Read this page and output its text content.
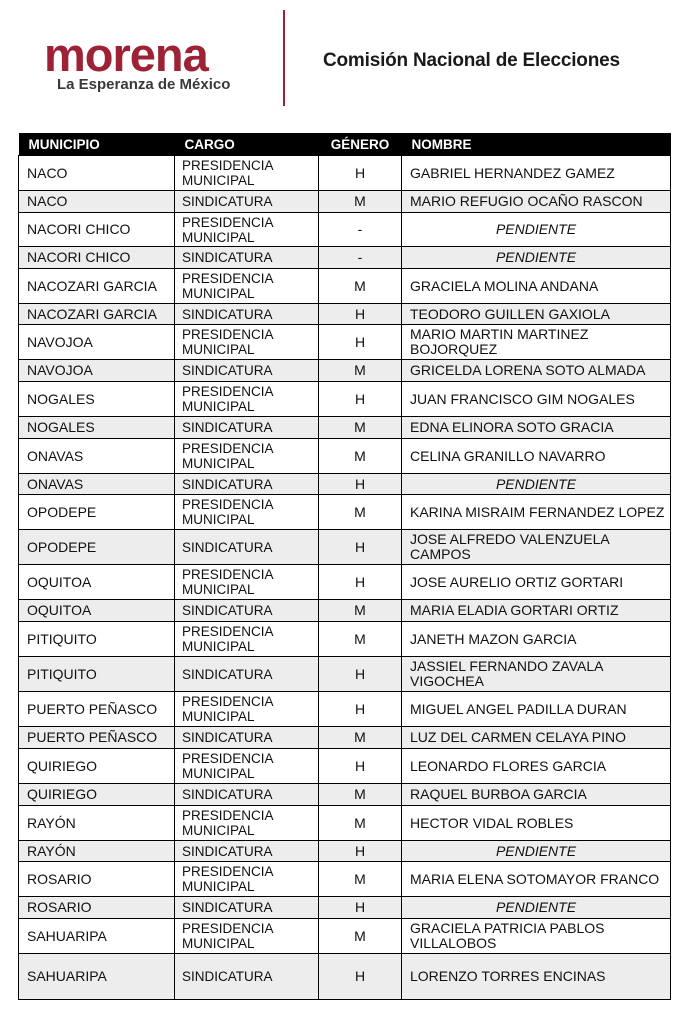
morena
La Esperanza de México
Comisión Nacional de Elecciones
MUNICIPIO	CARGO	GÉNERO	NOMBRE
NACO	PRESIDENCIA MUNICIPAL	H	GABRIEL HERNANDEZ GAMEZ
NACO	SINDICATURA	M	MARIO REFUGIO OCAÑO RASCON
NACORI CHICO	PRESIDENCIA MUNICIPAL	-	PENDIENTE
NACORI CHICO	SINDICATURA	-	PENDIENTE
NACOZARI GARCIA	PRESIDENCIA MUNICIPAL	M	GRACIELA MOLINA ANDANA
NACOZARI GARCIA	SINDICATURA	H	TEODORO GUILLEN GAXIOLA
NAVOJOA	PRESIDENCIA MUNICIPAL	H	MARIO MARTIN MARTINEZ BOJORQUEZ
NAVOJOA	SINDICATURA	M	GRICELDA LORENA SOTO ALMADA
NOGALES	PRESIDENCIA MUNICIPAL	H	JUAN FRANCISCO GIM NOGALES
NOGALES	SINDICATURA	M	EDNA ELINORA SOTO GRACIA
ONAVAS	PRESIDENCIA MUNICIPAL	M	CELINA GRANILLO NAVARRO
ONAVAS	SINDICATURA	H	PENDIENTE
OPODEPE	PRESIDENCIA MUNICIPAL	M	KARINA MISRAIM FERNANDEZ LOPEZ
OPODEPE	SINDICATURA	H	JOSE ALFREDO VALENZUELA CAMPOS
OQUITOA	PRESIDENCIA MUNICIPAL	H	JOSE AURELIO ORTIZ GORTARI
OQUITOA	SINDICATURA	M	MARIA ELADIA GORTARI ORTIZ
PITIQUITO	PRESIDENCIA MUNICIPAL	M	JANETH MAZON GARCIA
PITIQUITO	SINDICATURA	H	JASSIEL FERNANDO ZAVALA VIGOCHEA
PUERTO PEÑASCO	PRESIDENCIA MUNICIPAL	H	MIGUEL ANGEL PADILLA DURAN
PUERTO PEÑASCO	SINDICATURA	M	LUZ DEL CARMEN CELAYA PINO
QUIRIEGO	PRESIDENCIA MUNICIPAL	H	LEONARDO FLORES GARCIA
QUIRIEGO	SINDICATURA	M	RAQUEL BURBOA GARCIA
RAYÓN	PRESIDENCIA MUNICIPAL	M	HECTOR VIDAL ROBLES
RAYÓN	SINDICATURA	H	PENDIENTE
ROSARIO	PRESIDENCIA MUNICIPAL	M	MARIA ELENA SOTOMAYOR FRANCO
ROSARIO	SINDICATURA	H	PENDIENTE
SAHUARIPA	PRESIDENCIA MUNICIPAL	M	GRACIELA PATRICIA PABLOS VILLALOBOS
SAHUARIPA	SINDICATURA	H	LORENZO TORRES ENCINAS
